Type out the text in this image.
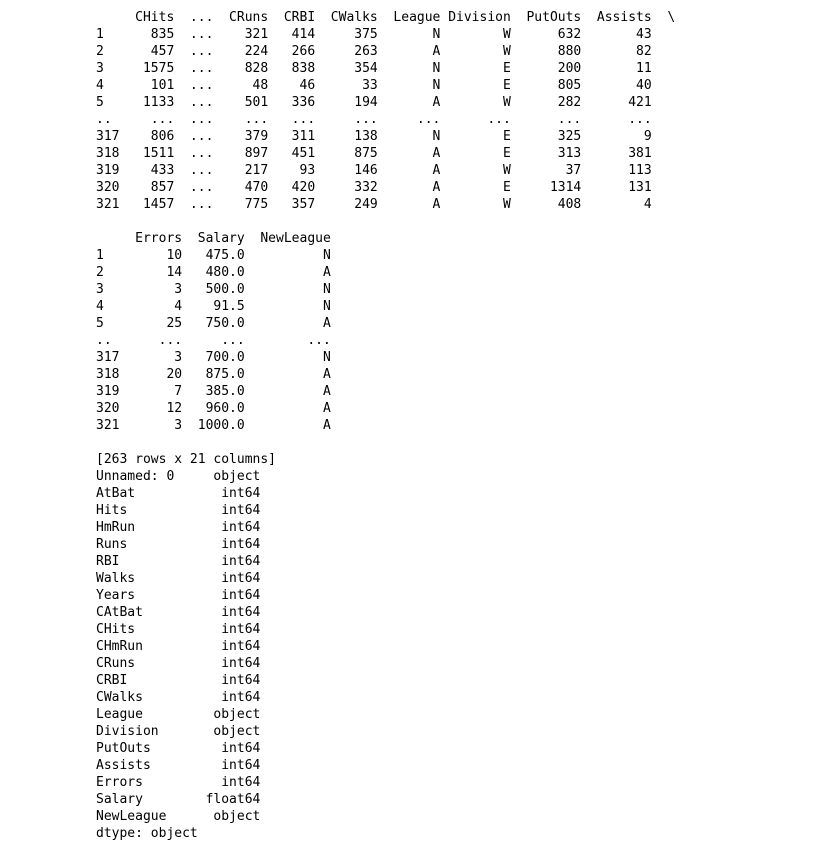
CHits  ...  CRuns  CRBI  CWalks  League Division  PutOuts  Assists  \
1      835  ...    321   414     375       N        W      632       43
2      457  ...    224   266     263       A        W      880       82
3     1575  ...    828   838     354       N        E      200       11
4      101  ...     48    46      33       N        E      805       40
5     1133  ...    501   336     194       A        W      282      421
..     ...  ...    ...   ...     ...     ...      ...      ...      ...
317    806  ...    379   311     138       N        E      325        9
318   1511  ...    897   451     875       A        E      313      381
319    433  ...    217    93     146       A        W       37      113
320    857  ...    470   420     332       A        E     1314      131
321   1457  ...    775   357     249       A        W      408        4
Errors  Salary  NewLeague
1        10   475.0          N
2        14   480.0          A
3         3   500.0          N
4         4    91.5          N
5        25   750.0          A
..      ...     ...        ...
317       3   700.0          N
318      20   875.0          A
319       7   385.0          A
320      12   960.0          A
321       3  1000.0          A
[263 rows x 21 columns]
Unnamed: 0     object
AtBat           int64
Hits            int64
HmRun           int64
Runs            int64
RBI             int64
Walks           int64
Years           int64
CAtBat          int64
CHits           int64
CHmRun          int64
CRuns           int64
CRBI            int64
CWalks          int64
League         object
Division       object
PutOuts         int64
Assists         int64
Errors          int64
Salary        float64
NewLeague      object
dtype: object
